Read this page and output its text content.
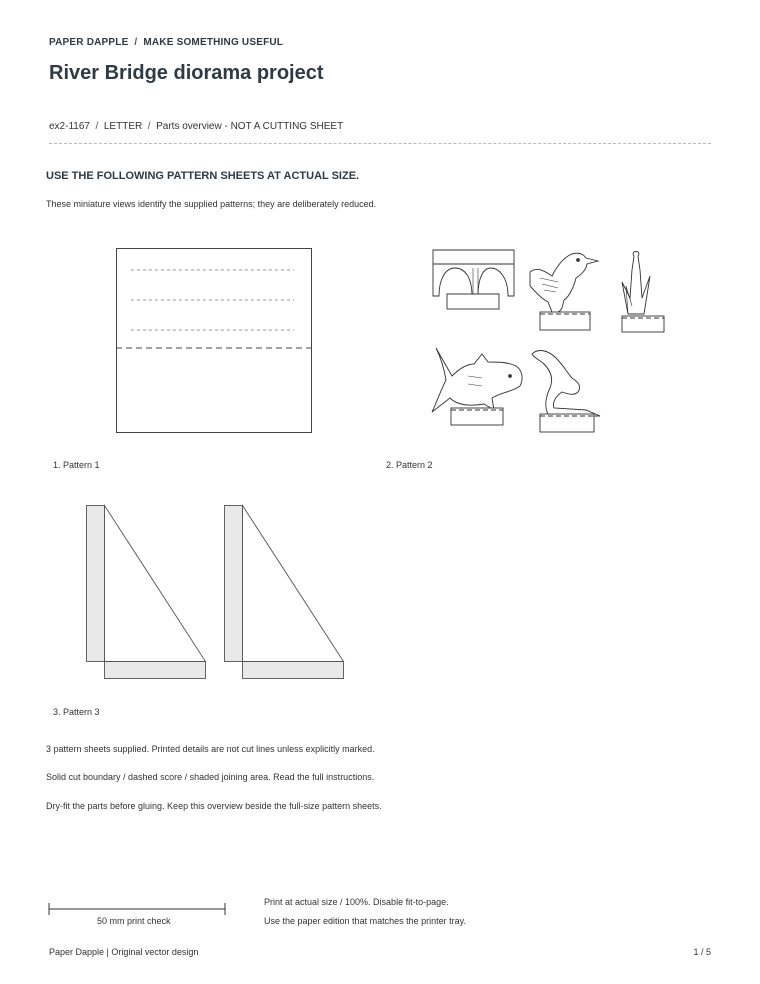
PAPER DAPPLE  /  MAKE SOMETHING USEFUL
River Bridge diorama project
ex2-1167  /  LETTER  /  Parts overview - NOT A CUTTING SHEET
USE THE FOLLOWING PATTERN SHEETS AT ACTUAL SIZE.
These miniature views identify the supplied patterns; they are deliberately reduced.
1. Pattern 1	2. Pattern 2
3. Pattern 3
3 pattern sheets supplied. Printed details are not cut lines unless explicitly marked.
Solid cut boundary / dashed score / shaded joining area. Read the full instructions.
Dry-fit the parts before gluing. Keep this overview beside the full-size pattern sheets.
50 mm print check
Print at actual size / 100%. Disable fit-to-page.
Use the paper edition that matches the printer tray.
Paper Dapple | Original vector design	1 / 5
